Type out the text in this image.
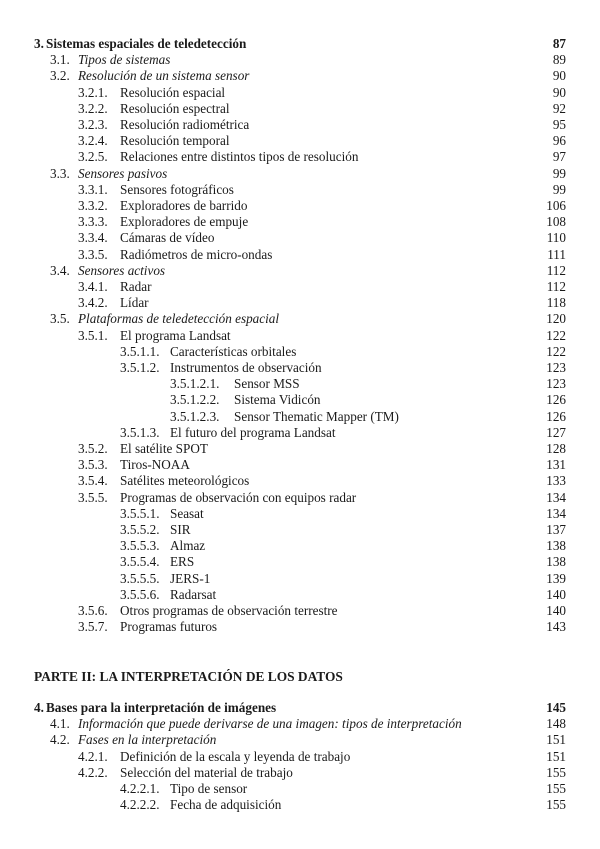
3. Sistemas espaciales de teledetección	87
3.1. Tipos de sistemas	89
3.2. Resolución de un sistema sensor	90
3.2.1. Resolución espacial	90
3.2.2. Resolución espectral	92
3.2.3. Resolución radiométrica	95
3.2.4. Resolución temporal	96
3.2.5. Relaciones entre distintos tipos de resolución	97
3.3. Sensores pasivos	99
3.3.1. Sensores fotográficos	99
3.3.2. Exploradores de barrido	106
3.3.3. Exploradores de empuje	108
3.3.4. Cámaras de vídeo	110
3.3.5. Radiómetros de micro-ondas	111
3.4. Sensores activos	112
3.4.1. Radar	112
3.4.2. Lídar	118
3.5. Plataformas de teledetección espacial	120
3.5.1. El programa Landsat	122
3.5.1.1. Características orbitales	122
3.5.1.2. Instrumentos de observación	123
3.5.1.2.1. Sensor MSS	123
3.5.1.2.2. Sistema Vidicón	126
3.5.1.2.3. Sensor Thematic Mapper (TM)	126
3.5.1.3. El futuro del programa Landsat	127
3.5.2. El satélite SPOT	128
3.5.3. Tiros-NOAA	131
3.5.4. Satélites meteorológicos	133
3.5.5. Programas de observación con equipos radar	134
3.5.5.1. Seasat	134
3.5.5.2. SIR	137
3.5.5.3. Almaz	138
3.5.5.4. ERS	138
3.5.5.5. JERS-1	139
3.5.5.6. Radarsat	140
3.5.6. Otros programas de observación terrestre	140
3.5.7. Programas futuros	143
PARTE II: LA INTERPRETACIÓN DE LOS DATOS
4. Bases para la interpretación de imágenes	145
4.1. Información que puede derivarse de una imagen: tipos de interpretación	148
4.2. Fases en la interpretación	151
4.2.1. Definición de la escala y leyenda de trabajo	151
4.2.2. Selección del material de trabajo	155
4.2.2.1. Tipo de sensor	155
4.2.2.2. Fecha de adquisición	155
